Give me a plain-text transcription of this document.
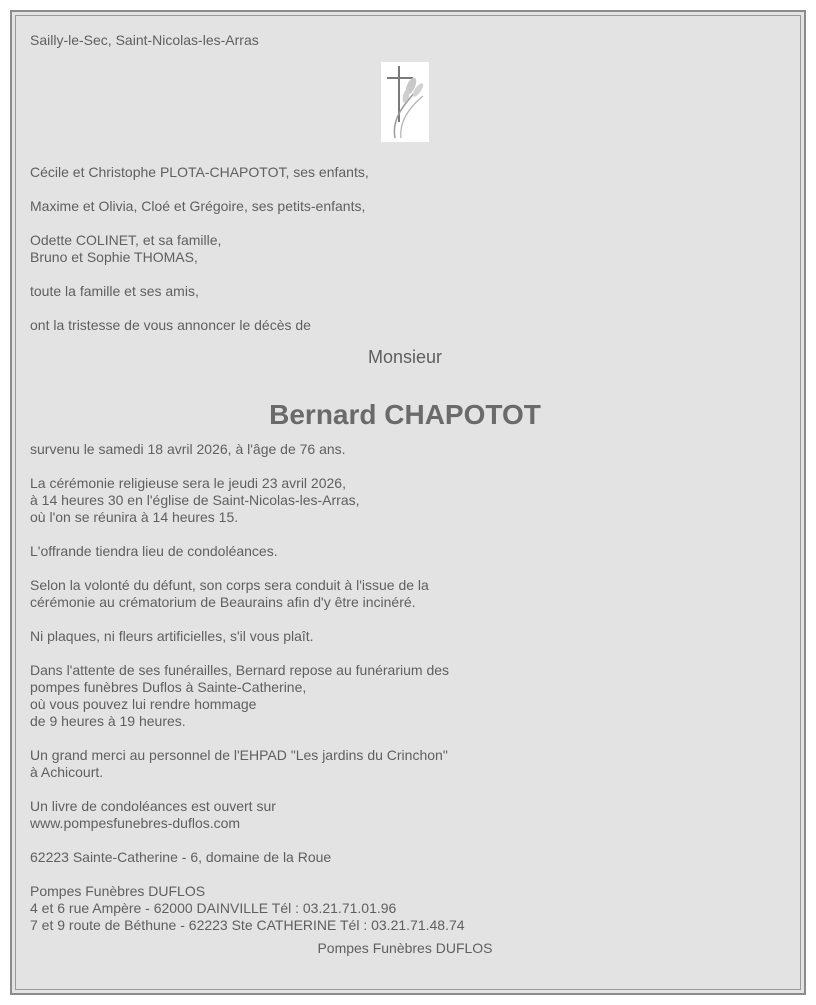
Sailly-le-Sec, Saint-Nicolas-les-Arras
Cécile et Christophe PLOTA-CHAPOTOT, ses enfants,
Maxime et Olivia, Cloé et Grégoire, ses petits-enfants,
Odette COLINET, et sa famille,
Bruno et Sophie THOMAS,
toute la famille et ses amis,
ont la tristesse de vous annoncer le décès de
Monsieur
Bernard CHAPOTOT
survenu le samedi 18 avril 2026, à l'âge de 76 ans.
La cérémonie religieuse sera le jeudi 23 avril 2026,
à 14 heures 30 en l'église de Saint-Nicolas-les-Arras,
où l'on se réunira à 14 heures 15.
L'offrande tiendra lieu de condoléances.
Selon la volonté du défunt, son corps sera conduit à l'issue de la
cérémonie au crématorium de Beaurains afin d'y être incinéré.
Ni plaques, ni fleurs artificielles, s'il vous plaît.
Dans l'attente de ses funérailles, Bernard repose au funérarium des
pompes funèbres Duflos à Sainte-Catherine,
où vous pouvez lui rendre hommage
de 9 heures à 19 heures.
Un grand merci au personnel de l'EHPAD "Les jardins du Crinchon"
à Achicourt.
Un livre de condoléances est ouvert sur
www.pompesfunebres-duflos.com
62223 Sainte-Catherine - 6, domaine de la Roue
Pompes Funèbres DUFLOS
4 et 6 rue Ampère - 62000 DAINVILLE Tél : 03.21.71.01.96
7 et 9 route de Béthune - 62223 Ste CATHERINE Tél : 03.21.71.48.74
Pompes Funèbres DUFLOS
